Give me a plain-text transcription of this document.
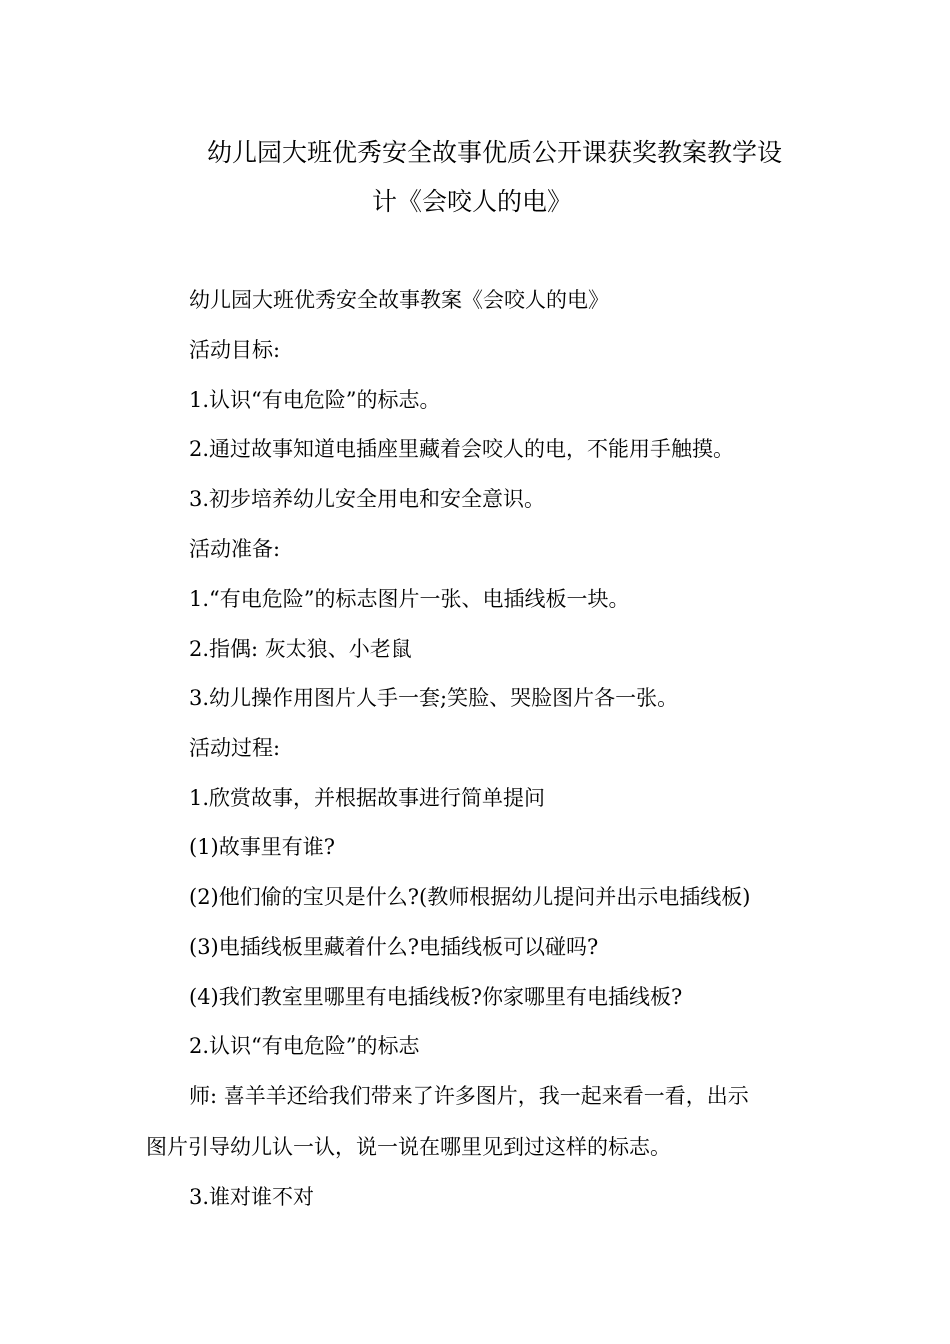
幼儿园大班优秀安全故事优质公开课获奖教案教学设
计《会咬人的电》
幼儿园大班优秀安全故事教案《会咬人的电》
活动目标:
1.认识“有电危险”的标志。
2.通过故事知道电插座里藏着会咬人的电，不能用手触摸。
3.初步培养幼儿安全用电和安全意识。
活动准备:
1.“有电危险”的标志图片一张、电插线板一块。
2.指偶: 灰太狼、小老鼠
3.幼儿操作用图片人手一套;笑脸、哭脸图片各一张。
活动过程:
1.欣赏故事，并根据故事进行简单提问
(1)故事里有谁?
(2)他们偷的宝贝是什么?(教师根据幼儿提问并出示电插线板)
(3)电插线板里藏着什么?电插线板可以碰吗?
(4)我们教室里哪里有电插线板?你家哪里有电插线板?
2.认识“有电危险”的标志
师: 喜羊羊还给我们带来了许多图片，我一起来看一看，出示
图片引导幼儿认一认，说一说在哪里见到过这样的标志。
3.谁对谁不对
